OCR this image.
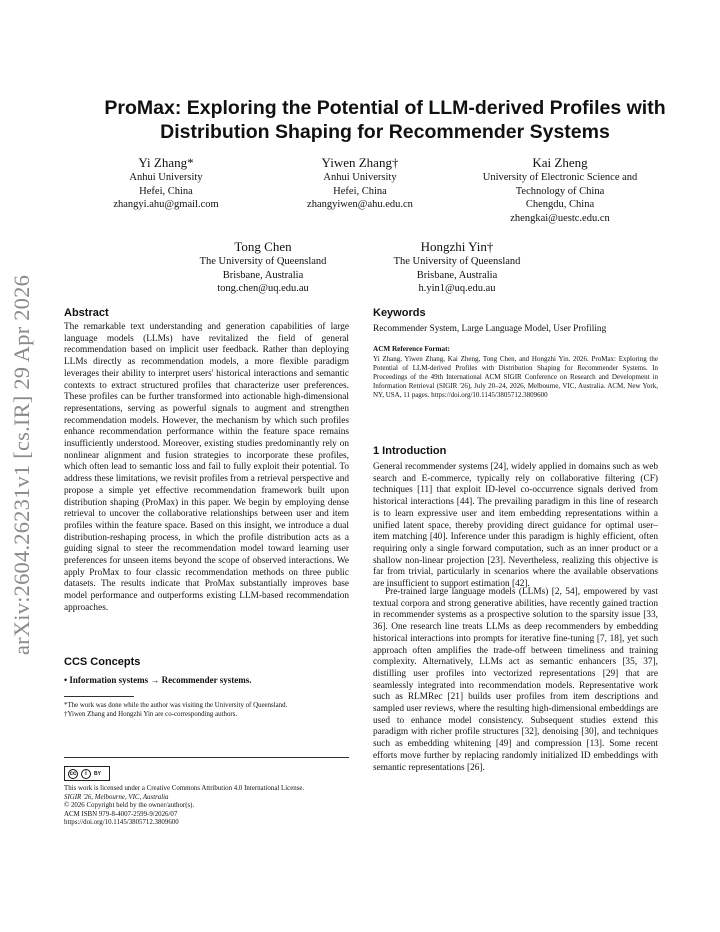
arXiv:2604.26231v1 [cs.IR] 29 Apr 2026
ProMax: Exploring the Potential of LLM-derived Profiles with
Distribution Shaping for Recommender Systems
Yi Zhang*
Anhui University
Hefei, China
zhangyi.ahu@gmail.com
Yiwen Zhang†
Anhui University
Hefei, China
zhangyiwen@ahu.edu.cn
Kai Zheng
University of Electronic Science and
Technology of China
Chengdu, China
zhengkai@uestc.edu.cn
Tong Chen
The University of Queensland
Brisbane, Australia
tong.chen@uq.edu.au
Hongzhi Yin†
The University of Queensland
Brisbane, Australia
h.yin1@uq.edu.au
Abstract
The remarkable text understanding and generation capabilities of large language models (LLMs) have revitalized the field of general recommendation based on implicit user feedback. Rather than deploying LLMs directly as recommendation models, a more flexible paradigm leverages their ability to interpret users' historical interactions and semantic contexts to extract structured profiles that characterize user preferences. These profiles can be further transformed into actionable high-dimensional representations, serving as powerful signals to augment and strengthen recommendation models. However, the mechanism by which such profiles enhance recommendation performance within the feature space remains insufficiently understood. Moreover, existing studies predominantly rely on nonlinear alignment and fusion strategies to incorporate these profiles, which often lead to semantic loss and fail to fully exploit their potential. To address these limitations, we revisit profiles from a retrieval perspective and propose a simple yet effective recommendation framework built upon distribution shaping (ProMax) in this paper. We begin by employing dense retrieval to uncover the collaborative relationships between user and item profiles within the feature space. Based on this insight, we introduce a dual distribution-reshaping process, in which the profile distribution acts as a guiding signal to steer the recommendation model toward learning user preferences for unseen items beyond the scope of observed interactions. We apply ProMax to four classic recommendation methods on three public datasets. The results indicate that ProMax substantially improves base model performance and outperforms existing LLM-based recommendation approaches.
CCS Concepts
• Information systems → Recommender systems.
*The work was done while the author was visiting the University of Queensland.
†Yiwen Zhang and Hongzhi Yin are co-corresponding authors.
cc	i	BY
This work is licensed under a Creative Commons Attribution 4.0 International License.
SIGIR '26, Melbourne, VIC, Australia
© 2026 Copyright held by the owner/author(s).
ACM ISBN 979-8-4007-2599-9/2026/07
https://doi.org/10.1145/3805712.3809600
Keywords
Recommender System, Large Language Model, User Profiling
ACM Reference Format:
Yi Zhang, Yiwen Zhang, Kai Zheng, Tong Chen, and Hongzhi Yin. 2026. ProMax: Exploring the Potential of LLM-derived Profiles with Distribution Shaping for Recommender Systems. In Proceedings of the 49th International ACM SIGIR Conference on Research and Development in Information Retrieval (SIGIR '26), July 20–24, 2026, Melbourne, VIC, Australia. ACM, New York, NY, USA, 11 pages. https://doi.org/10.1145/3805712.3809600
1 Introduction
General recommender systems [24], widely applied in domains such as web search and E-commerce, typically rely on collaborative filtering (CF) techniques [11] that exploit ID-level co-occurrence signals derived from historical interactions [44]. The prevailing paradigm in this line of research is to learn expressive user and item embedding representations within a unified latent space, thereby providing direct guidance for optimal user–item matching [40]. Inference under this paradigm is highly efficient, often requiring only a single forward computation, such as an inner product or a shallow non-linear projection [23]. Nevertheless, realizing this objective is far from trivial, particularly in scenarios where the available observations are insufficient to support estimation [42].
Pre-trained large language models (LLMs) [2, 54], empowered by vast textual corpora and strong generative abilities, have recently gained traction in recommender systems as a prospective solution to the sparsity issue [33, 36]. One research line treats LLMs as deep recommenders by embedding historical interactions into prompts for iterative fine-tuning [7, 18], yet such approach often amplifies the trade-off between timeliness and training complexity. Alternatively, LLMs act as semantic enhancers [35, 37], distilling user profiles into vectorized representations [29] that are seamlessly integrated into recommendation models. Representative work such as RLMRec [21] builds user profiles from item descriptions and sampled user reviews, where the resulting high-dimensional embeddings are used to enhance model consistency. Subsequent studies extend this paradigm with richer profile structures [32], denoising [30], and techniques such as embedding whitening [49] and compression [13]. Some recent efforts move further by replacing randomly initialized ID embeddings with semantic representations [26].
